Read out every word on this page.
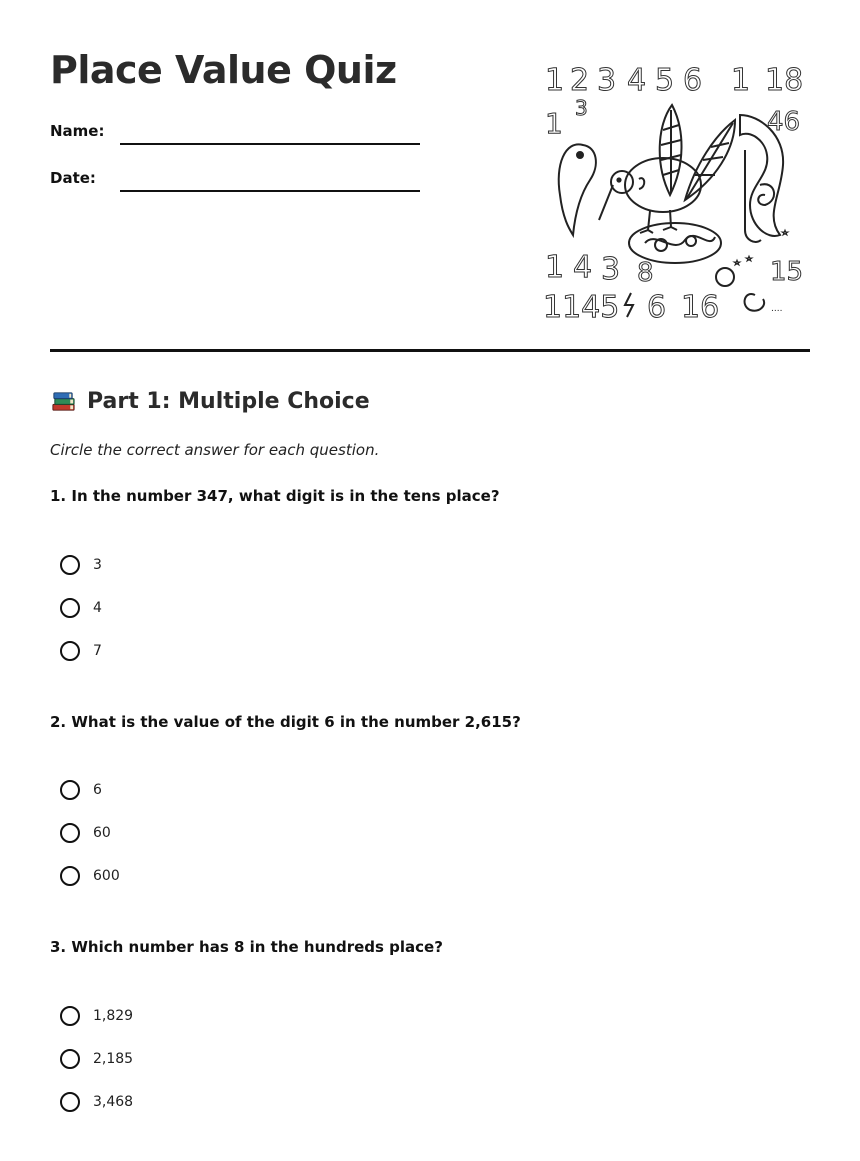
Place Value Quiz
Name:
Date:
1 2 3 4 5 6 1 18
1 3	46
1 4 3 8	15
1145 6 16	....
Part 1: Multiple Choice
Circle the correct answer for each question.
1. In the number 347, what digit is in the tens place?
3
4
7
2. What is the value of the digit 6 in the number 2,615?
6
60
600
3. Which number has 8 in the hundreds place?
1,829
2,185
3,468
